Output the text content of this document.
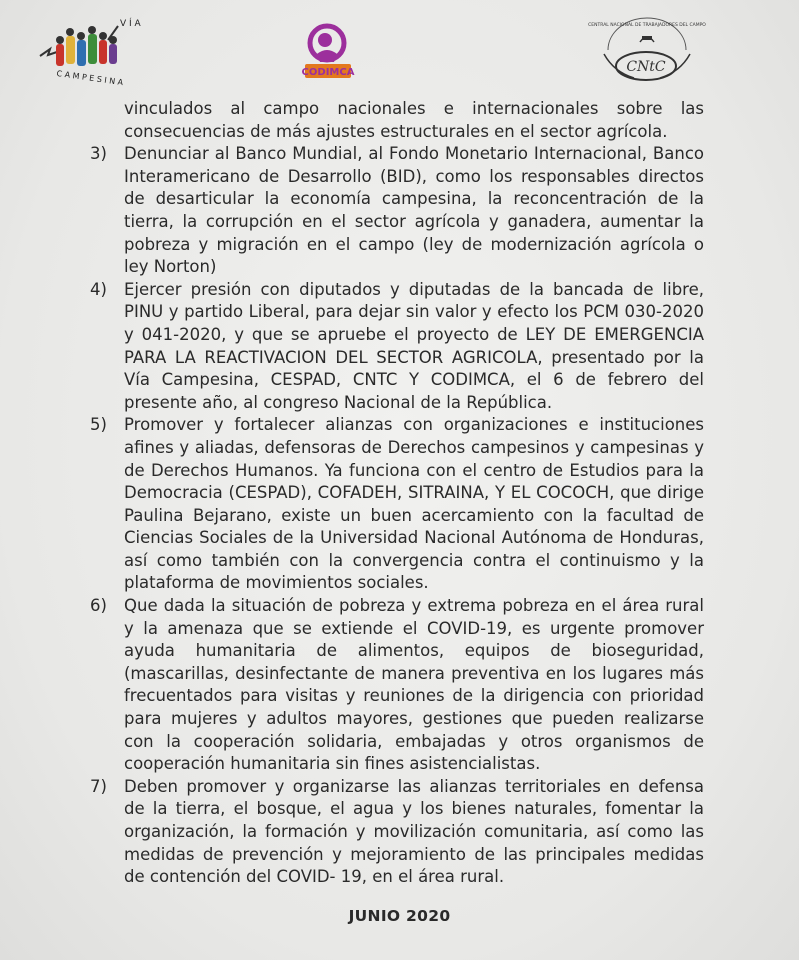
V Í A
C A M P E S I N A	CODIMCA
CENTRAL NACIONAL DE TRABAJADORES DEL CAMPO
CNtC

vinculados al campo nacionales e internacionales sobre las consecuencias de más ajustes estructurales en el sector agrícola.

3)	Denunciar al Banco Mundial, al Fondo Monetario Internacional, Banco Interamericano de Desarrollo (BID), como los responsables directos de desarticular la economía campesina, la reconcentración de la tierra, la corrupción en el sector agrícola y ganadera, aumentar la pobreza y migración en el campo (ley de modernización agrícola o ley Norton)
4)	Ejercer presión con diputados y diputadas de la bancada de libre, PINU y partido Liberal, para dejar sin valor y efecto los PCM 030-2020 y 041-2020, y que se apruebe el proyecto de LEY DE EMERGENCIA PARA LA REACTIVACION DEL SECTOR AGRICOLA, presentado por la Vía Campesina, CESPAD, CNTC Y CODIMCA, el 6 de febrero del presente año, al congreso Nacional de la República.
5)	Promover y fortalecer alianzas con organizaciones e instituciones afines y aliadas, defensoras de Derechos campesinos y campesinas y de Derechos Humanos. Ya funciona con el centro de Estudios para la Democracia (CESPAD), COFADEH, SITRAINA, Y EL COCOCH, que dirige Paulina Bejarano, existe un buen acercamiento con la facultad de Ciencias Sociales de la Universidad Nacional Autónoma de Honduras, así como también con la convergencia contra el continuismo y la plataforma de movimientos sociales.
6)	Que dada la situación de pobreza y extrema pobreza en el área rural y la amenaza que se extiende el COVID-19, es urgente promover ayuda humanitaria de alimentos, equipos de bioseguridad, (mascarillas, desinfectante de manera preventiva en los lugares más frecuentados para visitas y reuniones de la dirigencia con prioridad para mujeres y adultos mayores, gestiones que pueden realizarse con la cooperación solidaria, embajadas y otros organismos de cooperación humanitaria sin fines asistencialistas.
7)	Deben promover y organizarse las alianzas territoriales en defensa de la tierra, el bosque, el agua y los bienes naturales, fomentar la organización, la formación y movilización comunitaria, así como las medidas de prevención y mejoramiento de las principales medidas de contención del COVID- 19, en el área rural.
JUNIO 2020
